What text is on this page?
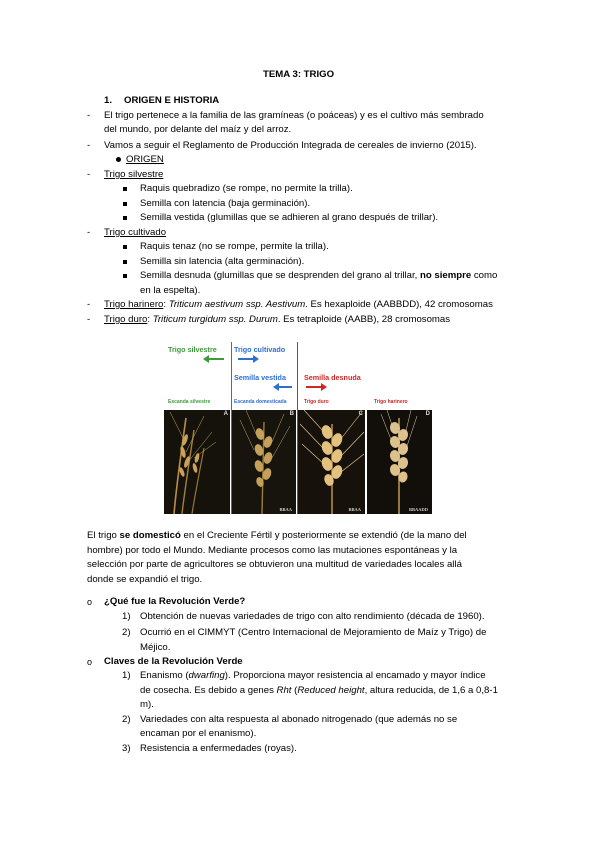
TEMA 3: TRIGO
1. ORIGEN E HISTORIA
- El trigo pertenece a la familia de las gramíneas (o poáceas) y es el cultivo más sembrado
del mundo, por delante del maíz y del arroz.
- Vamos a seguir el Reglamento de Producción Integrada de cereales de invierno (2015).
ORIGEN
- Trigo silvestre
Raquis quebradizo (se rompe, no permite la trilla).
Semilla con latencia (baja germinación).
Semilla vestida (glumillas que se adhieren al grano después de trillar).
- Trigo cultivado
Raquis tenaz (no se rompe, permite la trilla).
Semilla sin latencia (alta germinación).
Semilla desnuda (glumillas que se desprenden del grano al trillar, no siempre como
en la espelta).
- Trigo harinero: Triticum aestivum ssp. Aestivum. Es hexaploide (AABBDD), 42 cromosomas
- Trigo duro: Triticum turgidum ssp. Durum. Es tetraploide (AABB), 28 cromosomas
Trigo silvestre Trigo cultivado
Semilla vestida	Semilla desnuda
Escanda silvestre	Escanda domesticada	Trigo duro	Trigo harinero
A	B
BBAA
C
BBAA
D
BBAADD
El trigo se domesticó en el Creciente Fértil y posteriormente se extendió (de la mano del
hombre) por todo el Mundo. Mediante procesos como las mutaciones espontáneas y la
selección por parte de agricultores se obtuvieron una multitud de variedades locales allá
donde se expandió el trigo.
o ¿Qué fue la Revolución Verde?
1) Obtención de nuevas variedades de trigo con alto rendimiento (década de 1960).
2) Ocurrió en el CIMMYT (Centro Internacional de Mejoramiento de Maíz y Trigo) de
Méjico.
o Claves de la Revolución Verde
1) Enanismo (dwarfing). Proporciona mayor resistencia al encamado y mayor índice
de cosecha. Es debido a genes Rht (Reduced height, altura reducida, de 1,6 a 0,8-1
m).
2) Variedades con alta respuesta al abonado nitrogenado (que además no se
encaman por el enanismo).
3) Resistencia a enfermedades (royas).
